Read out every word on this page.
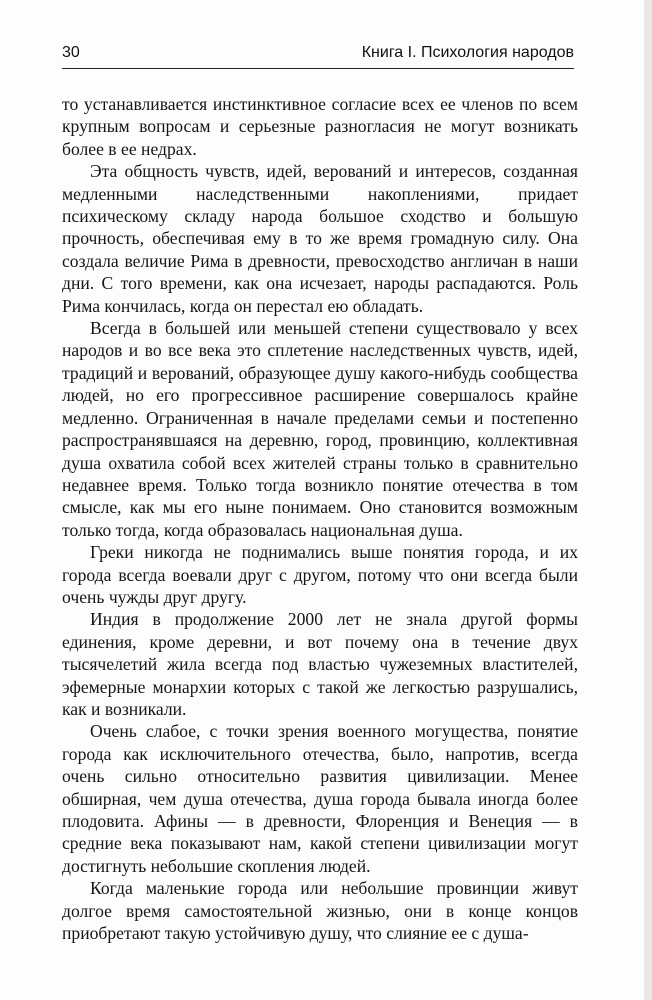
30	Книга I. Психология народов

то устанавливается инстинктивное согласие всех ее членов по всем крупным вопросам и серьезные разногласия не могут возникать более в ее недрах.

Эта общность чувств, идей, верований и интересов, созданная медленными наследственными накоплениями, придает психическому складу народа большое сходство и большую прочность, обеспечивая ему в то же время громадную силу. Она создала величие Рима в древности, превосходство англичан в наши дни. С того времени, как она исчезает, народы распадаются. Роль Рима кончилась, когда он перестал ею обладать.

Всегда в большей или меньшей степени существовало у всех народов и во все века это сплетение наследственных чувств, идей, традиций и верований, образующее душу какого-нибудь сообщества людей, но его прогрессивное расширение совершалось крайне медленно. Ограниченная в начале пределами семьи и постепенно распространявшаяся на деревню, город, провинцию, коллективная душа охватила собой всех жителей страны только в сравнительно недавнее время. Только тогда возникло понятие отечества в том смысле, как мы его ныне понимаем. Оно становится возможным только тогда, когда образовалась национальная душа.

Греки никогда не поднимались выше понятия города, и их города всегда воевали друг с другом, потому что они всегда были очень чужды друг другу.

Индия в продолжение 2000 лет не знала другой формы единения, кроме деревни, и вот почему она в течение двух тысячелетий жила всегда под властью чужеземных властителей, эфемерные монархии которых с такой же легкостью разрушались, как и возникали.

Очень слабое, с точки зрения военного могущества, понятие города как исключительного отечества, было, напротив, всегда очень сильно относительно развития цивилизации. Менее обширная, чем душа отечества, душа города бывала иногда более плодовита. Афины — в древности, Флоренция и Венеция — в средние века показывают нам, какой степени цивилизации могут достигнуть небольшие скопления людей.

Когда маленькие города или небольшие провинции живут долгое время самостоятельной жизнью, они в конце концов приобретают такую устойчивую душу, что слияние ее с душа-
